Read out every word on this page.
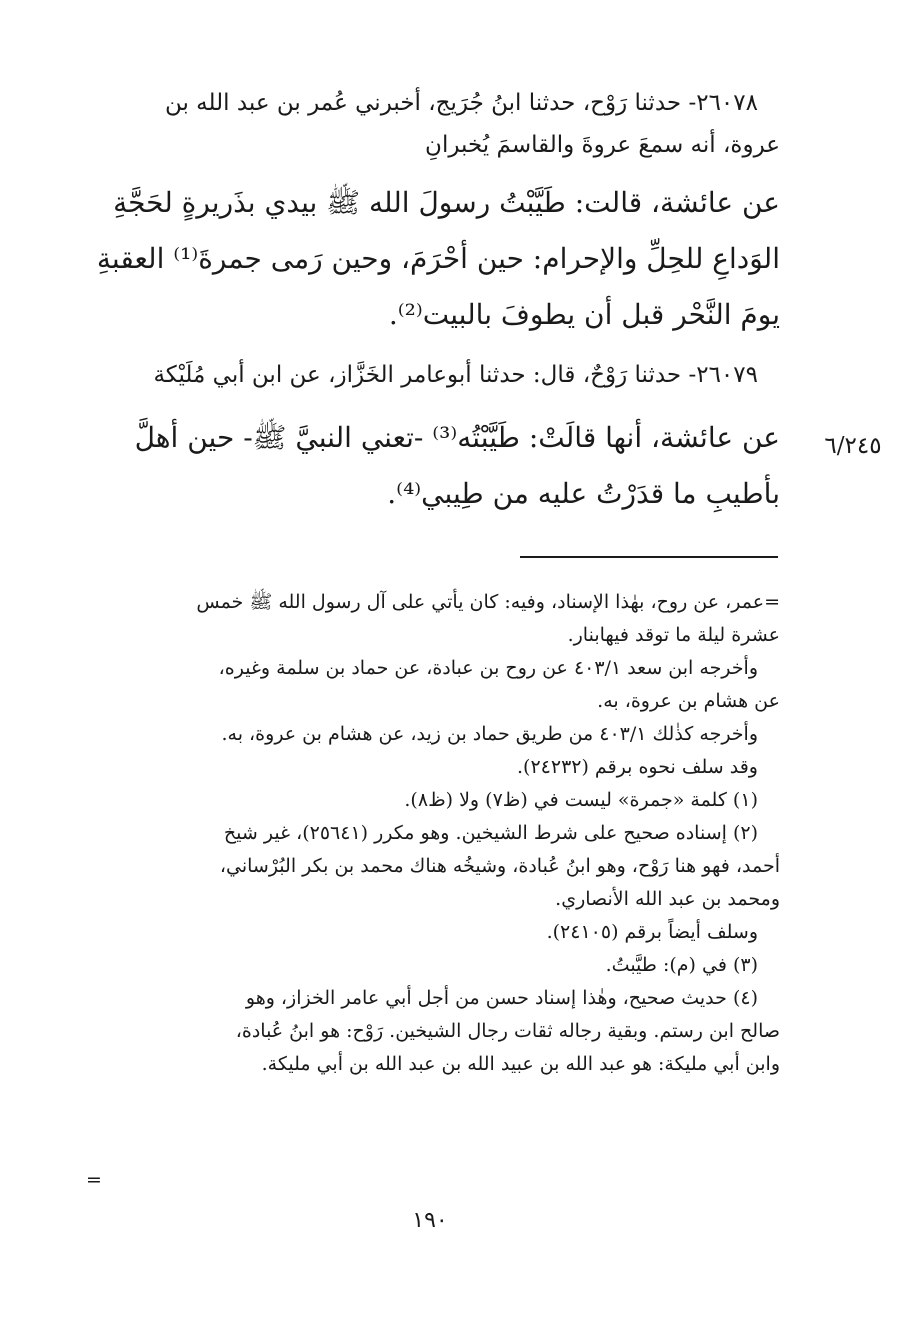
٢٦٠٧٨- حدثنا رَوْح، حدثنا ابنُ جُرَيج، أخبرني عُمر بن عبد الله بن
عروة، أنه سمعَ عروةَ والقاسمَ يُخبرانِ
عن عائشة، قالت: طَيَّبْتُ رسولَ الله ﷺ بيدي بذَريرةٍ لحَجَّةِ
الوَداعِ للحِلِّ والإحرام: حين أحْرَمَ، وحين رَمى جمرةَ⁽¹⁾ العقبةِ
يومَ النَّحْر قبل أن يطوفَ بالبيت⁽²⁾.
٢٦٠٧٩- حدثنا رَوْحٌ، قال: حدثنا أبوعامر الخَزَّاز، عن ابن أبي مُلَيْكة
عن عائشة، أنها قالَتْ: طَيَّبْتُه⁽³⁾ -تعني النبيَّ ﷺ- حين أهلَّ
بأطيبِ ما قدَرْتُ عليه من طِيبي⁽⁴⁾.
٦/٢٤٥
=عمر، عن روح، بهٰذا الإسناد، وفيه: كان يأتي على آل رسول الله ﷺ خمس
عشرة ليلة ما توقد فيهابنار.
وأخرجه ابن سعد ٤٠٣/١ عن روح بن عبادة، عن حماد بن سلمة وغيره،
عن هشام بن عروة، به.
وأخرجه كذٰلك ٤٠٣/١ من طريق حماد بن زيد، عن هشام بن عروة، به.
وقد سلف نحوه برقم (٢٤٢٣٢).
(١) كلمة «جمرة» ليست في (ظ٧) ولا (ظ٨).
(٢) إسناده صحيح على شرط الشيخين. وهو مكرر (٢٥٦٤١)، غير شيخ
أحمد، فهو هنا رَوْح، وهو ابنُ عُبادة، وشيخُه هناك محمد بن بكر البُرْساني،
ومحمد بن عبد الله الأنصاري.
وسلف أيضاً برقم (٢٤١٠٥).
(٣) في (م): طيَّبتُ.
(٤) حديث صحيح، وهٰذا إسناد حسن من أجل أبي عامر الخزاز، وهو
صالح ابن رستم. وبقية رجاله ثقات رجال الشيخين. رَوْح: هو ابنُ عُبادة،
وابن أبي مليكة: هو عبد الله بن عبيد الله بن عبد الله بن أبي مليكة.
=
١٩٠
